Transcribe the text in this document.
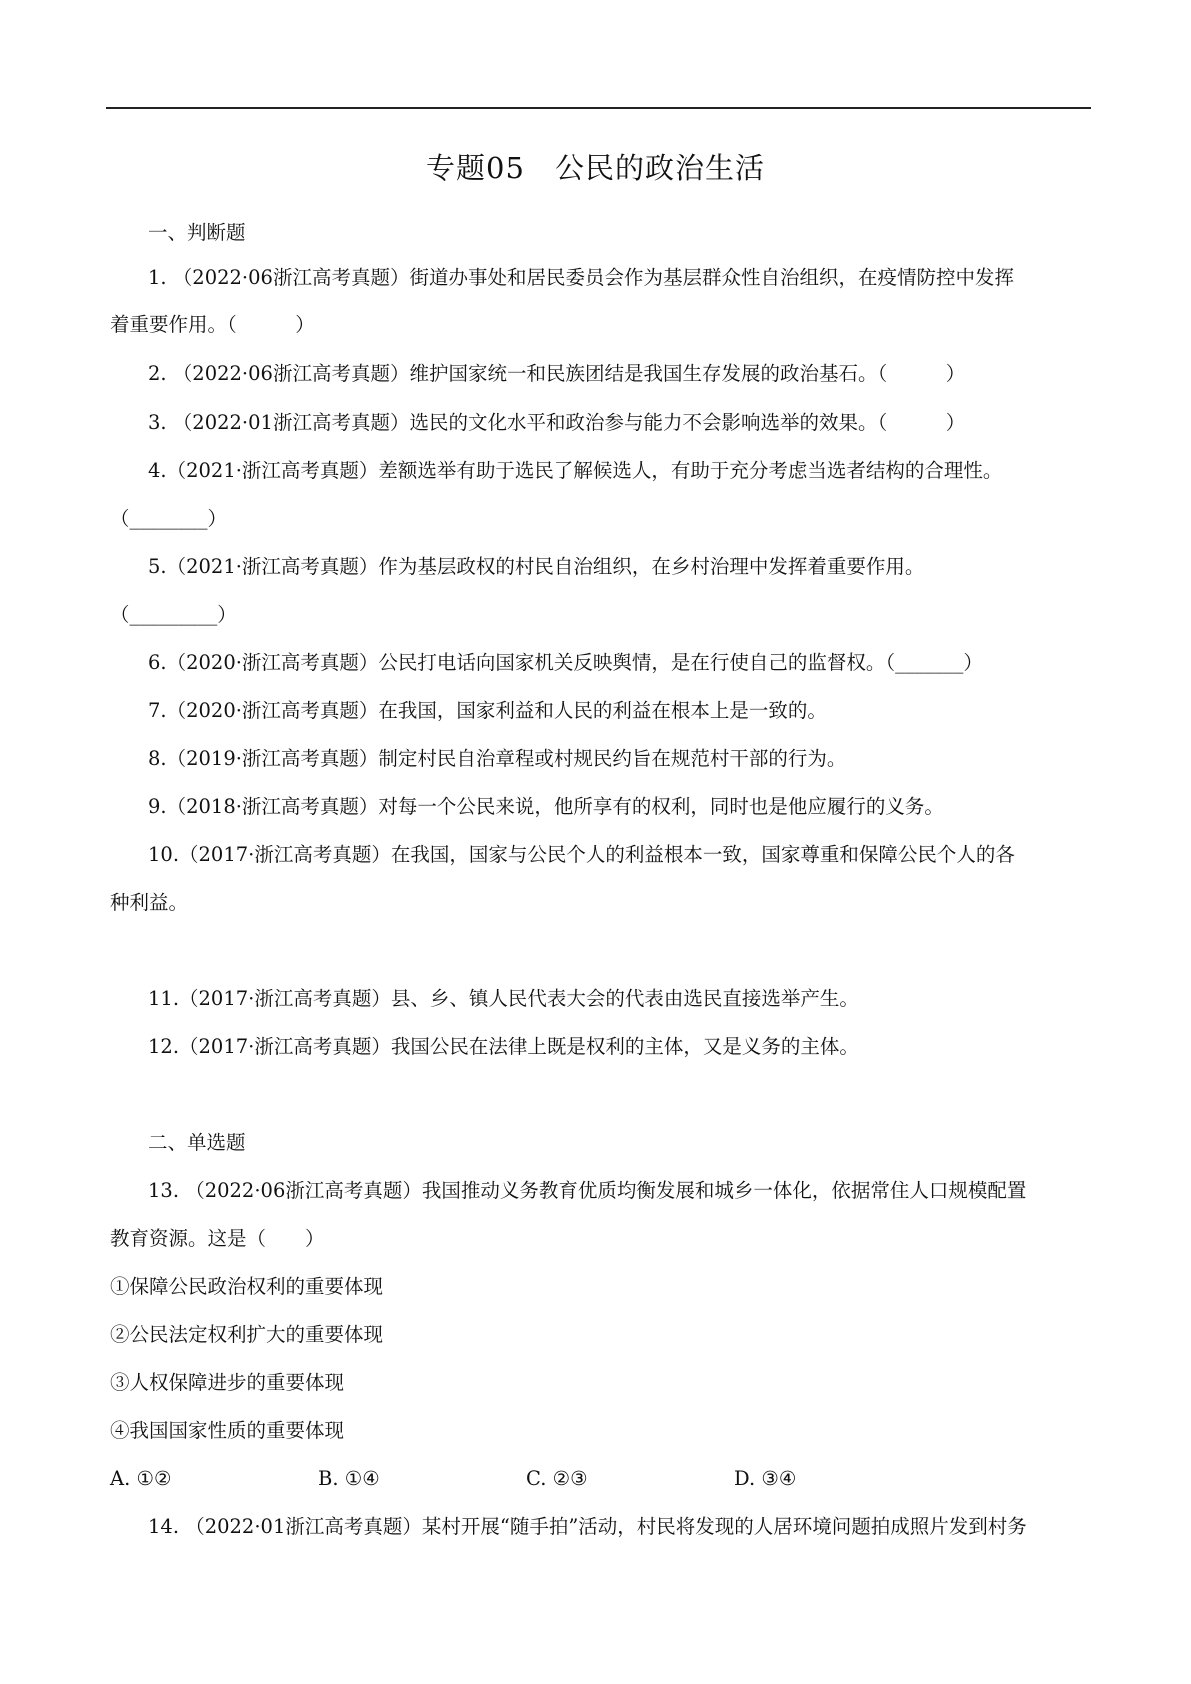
专题05　公民的政治生活
一、判断题
1. （2022·06浙江高考真题）街道办事处和居民委员会作为基层群众性自治组织，在疫情防控中发挥
着重要作用。（　　　）
2. （2022·06浙江高考真题）维护国家统一和民族团结是我国生存发展的政治基石。（　　　）
3. （2022·01浙江高考真题）选民的文化水平和政治参与能力不会影响选举的效果。（　　　）
4.（2021·浙江高考真题）差额选举有助于选民了解候选人，有助于充分考虑当选者结构的合理性。
（________）
5.（2021·浙江高考真题）作为基层政权的村民自治组织，在乡村治理中发挥着重要作用。
（_________）
6.（2020·浙江高考真题）公民打电话向国家机关反映舆情，是在行使自己的监督权。（_______）
7.（2020·浙江高考真题）在我国，国家利益和人民的利益在根本上是一致的。
8.（2019·浙江高考真题）制定村民自治章程或村规民约旨在规范村干部的行为。
9.（2018·浙江高考真题）对每一个公民来说，他所享有的权利，同时也是他应履行的义务。
10.（2017·浙江高考真题）在我国，国家与公民个人的利益根本一致，国家尊重和保障公民个人的各
种利益。
11.（2017·浙江高考真题）县、乡、镇人民代表大会的代表由选民直接选举产生。
12.（2017·浙江高考真题）我国公民在法律上既是权利的主体，又是义务的主体。
二、单选题
13. （2022·06浙江高考真题）我国推动义务教育优质均衡发展和城乡一体化，依据常住人口规模配置
教育资源。这是（　　）
①保障公民政治权利的重要体现
②公民法定权利扩大的重要体现
③人权保障进步的重要体现
④我国国家性质的重要体现
A. ①②	B. ①④	C. ②③	D. ③④
14. （2022·01浙江高考真题）某村开展“随手拍”活动，村民将发现的人居环境问题拍成照片发到村务
